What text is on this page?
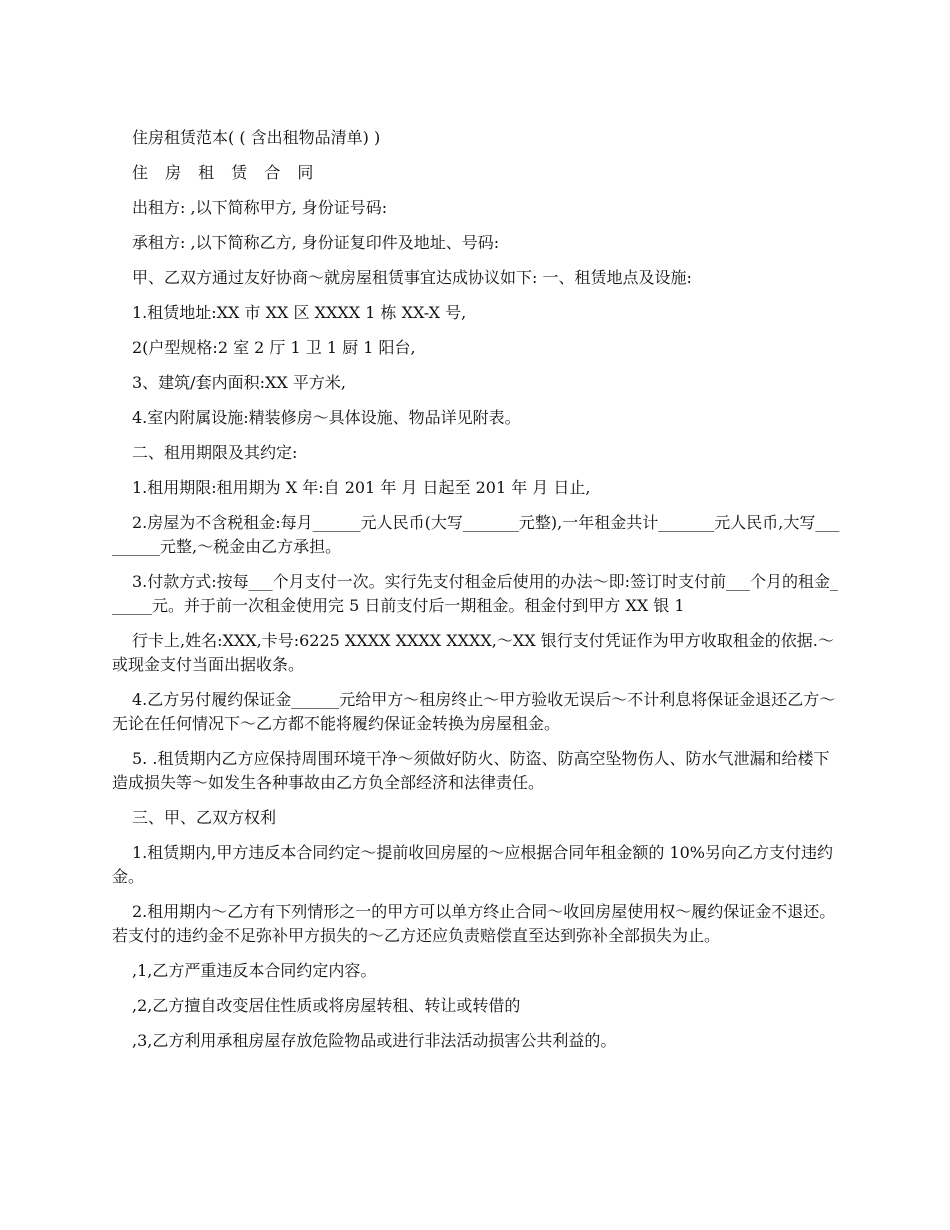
住房租赁范本( ( 含出租物品清单) )

住 房 租 赁 合 同

出租方: ,以下简称甲方, 身份证号码:

承租方: ,以下简称乙方, 身份证复印件及地址、号码:

甲、乙双方通过友好协商～就房屋租赁事宜达成协议如下: 一、租赁地点及设施:

1.租赁地址:XX 市 XX 区 XXXX 1 栋 XX-X 号,

2(户型规格:2 室 2 厅 1 卫 1 厨 1 阳台,

3、建筑/套内面积:XX 平方米,

4.室内附属设施:精装修房～具体设施、物品详见附表。

二、租用期限及其约定:

1.租用期限:租用期为 X 年:自 201 年 月 日起至 201 年 月 日止,

2.房屋为不含税租金:每月______元人民币(大写_______元整),一年租金共计_______元人民币,大写_________元整,～税金由乙方承担。

3.付款方式:按每___个月支付一次。实行先支付租金后使用的办法～即:签订时支付前___个月的租金______元。并于前一次租金使用完 5 日前支付后一期租金。租金付到甲方 XX 银 1

行卡上,姓名:XXX,卡号:6225 XXXX XXXX XXXX,～XX 银行支付凭证作为甲方收取租金的依据.～或现金支付当面出据收条。

4.乙方另付履约保证金______元给甲方～租房终止～甲方验收无误后～不计利息将保证金退还乙方～无论在任何情况下～乙方都不能将履约保证金转换为房屋租金。

5. .租赁期内乙方应保持周围环境干净～须做好防火、防盗、防高空坠物伤人、防水气泄漏和给楼下造成损失等～如发生各种事故由乙方负全部经济和法律责任。

三、甲、乙双方权利

1.租赁期内,甲方违反本合同约定～提前收回房屋的～应根据合同年租金额的 10%另向乙方支付违约金。

2.租用期内～乙方有下列情形之一的甲方可以单方终止合同～收回房屋使用权～履约保证金不退还。若支付的违约金不足弥补甲方损失的～乙方还应负责赔偿直至达到弥补全部损失为止。

,1,乙方严重违反本合同约定内容。

,2,乙方擅自改变居住性质或将房屋转租、转让或转借的

,3,乙方利用承租房屋存放危险物品或进行非法活动损害公共利益的。
